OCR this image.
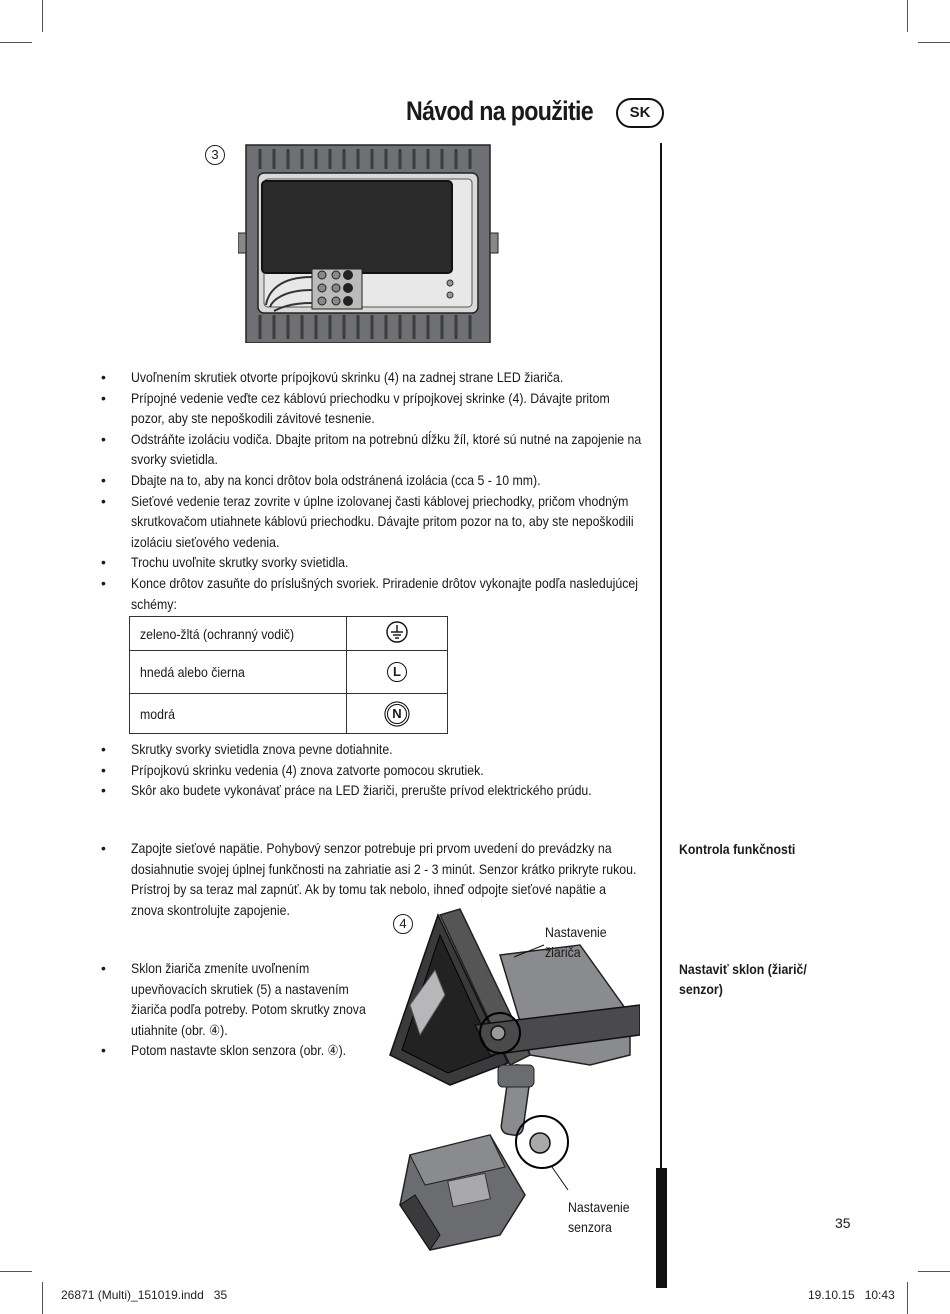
Návod na použitie	SK
3
• Uvoľnením skrutiek otvorte prípojkovú skrinku (4) na zadnej strane LED žiariča.
• Prípojné vedenie veďte cez káblovú priechodku v prípojkovej skrinke (4). Dávajte pritom pozor, aby ste nepoškodili závitové tesnenie.
• Odstráňte izoláciu vodiča. Dbajte pritom na potrebnú dĺžku žíl, ktoré sú nutné na zapojenie na svorky svietidla.
• Dbajte na to, aby na konci drôtov bola odstránená izolácia (cca 5 - 10 mm).
• Sieťové vedenie teraz zovrite v úplne izolovanej časti káblovej priechodky, pričom vhodným skrutkovačom utiahnete káblovú priechodku. Dávajte pritom pozor na to, aby ste nepoškodili izoláciu sieťového vedenia.
• Trochu uvoľnite skrutky svorky svietidla.
• Konce drôtov zasuňte do príslušných svoriek. Priradenie drôtov vykonajte podľa nasledujúcej schémy:
zeleno-žltá (ochranný vodič)	
hnedá alebo čierna	L
modrá	N
• Skrutky svorky svietidla znova pevne dotiahnite.
• Prípojkovú skrinku vedenia (4) znova zatvorte pomocou skrutiek.
• Skôr ako budete vykonávať práce na LED žiariči, prerušte prívod elektrického prúdu.
Kontrola funkčnosti
• Zapojte sieťové napätie. Pohybový senzor potrebuje pri prvom uvedení do prevádzky na dosiahnutie svojej úplnej funkčnosti na zahriatie asi 2 - 3 minút. Senzor krátko prikryte rukou. Prístroj by sa teraz mal zapnúť. Ak by tomu tak nebolo, ihneď odpojte sieťové napätie a znova skontrolujte zapojenie.
Nastaviť sklon (žiarič/
senzor)
• Sklon žiariča zmeníte uvoľnením upevňovacích skrutiek (5) a nastavením žiariča podľa potreby. Potom skrutky znova utiahnite (obr. ④).
• Potom nastavte sklon senzora (obr. ④).
4
Nastavenie
žiariča
Nastavenie
senzora	35
26871 (Multi)_151019.indd   35	19.10.15   10:43
